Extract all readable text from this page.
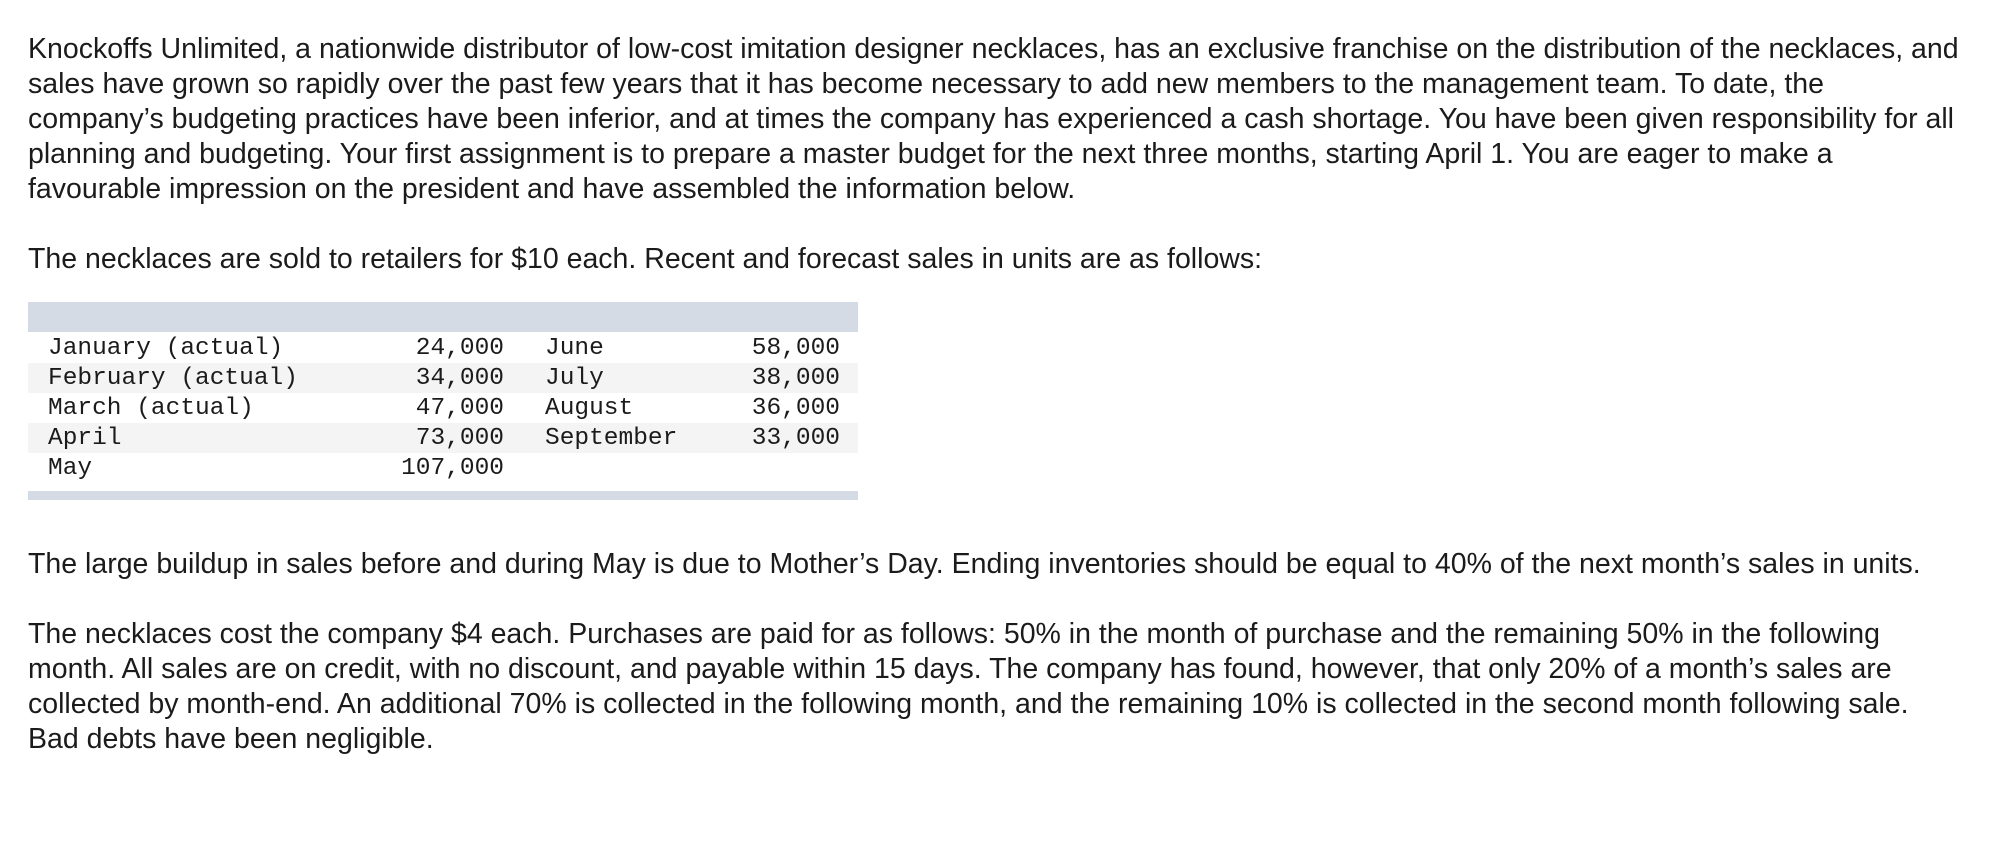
Knockoffs Unlimited, a nationwide distributor of low-cost imitation designer necklaces, has an exclusive franchise on the distribution of the necklaces, and sales have grown so rapidly over the past few years that it has become necessary to add new members to the management team. To date, the company’s budgeting practices have been inferior, and at times the company has experienced a cash shortage. You have been given responsibility for all planning and budgeting. Your first assignment is to prepare a master budget for the next three months, starting April 1. You are eager to make a favourable impression on the president and have assembled the information below.

The necklaces are sold to retailers for $10 each. Recent and forecast sales in units are as follows:

January (actual)	24,000	June	58,000
February (actual)	34,000	July	38,000
March (actual)	47,000	August	36,000
April	73,000	September	33,000
May	107,000

The large buildup in sales before and during May is due to Mother’s Day. Ending inventories should be equal to 40% of the next month’s sales in units.

The necklaces cost the company $4 each. Purchases are paid for as follows: 50% in the month of purchase and the remaining 50% in the following month. All sales are on credit, with no discount, and payable within 15 days. The company has found, however, that only 20% of a month’s sales are collected by month-end. An additional 70% is collected in the following month, and the remaining 10% is collected in the second month following sale. Bad debts have been negligible.
